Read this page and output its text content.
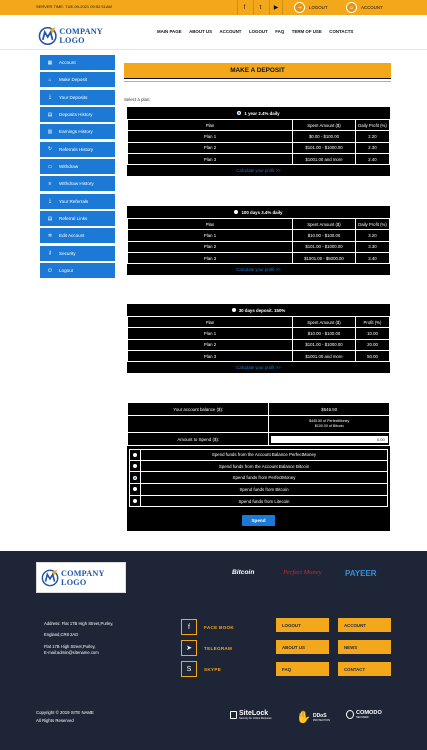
SERVER TIME: TUE-09-2021 09:52:51AM	f t ▶	⇥	LOGOUT	☺	ACCOUNT
COMPANY LOGO
MAIN PAGE ABOUT US ACCOUNT LOGOUT FAQ TERM OF USE CONTACTS
▦	Account
⌂	Make Deposit
⤓	Your Deposits
▤	Deposits History
▥	Earnings History
↻	Referrals History
▭	Withdraw
≡	Withdraw History
⤓	Your Referrals
▤	Referral Links
✲	Edit Account
⚷	Security
⏻	Logout
MAKE A DEPOSIT
Select a plan:
1 year 2.4% daily
Plan	Spent Amount ($)	Daily Profit (%)
Plan 1	$0.00 - $100.00	2.20
Plan 2	$101.00 - $1000.00	2.30
Plan 3	$1001.00 and more	2.40
Calculate your profit >>
100 days 3.4% daily
Plan	Spent Amount ($)	Daily Profit (%)
Plan 1	$10.00 - $100.00	3.20
Plan 2	$101.00 - $1000.00	3.30
Plan 3	$1001.00 - $5000.00	3.40
Calculate your profit >>
30 days deposit. 150%
Plan	Spent Amount ($)	Profit (%)
Plan 1	$10.00 - $100.00	10.00
Plan 2	$101.00 - $1000.00	20.00
Plan 3	$1001.00 and more	50.00
Calculate your profit >>
Your account balance ($):	$546.50

	$445.50 of PerfectMoney
$100.00 of Bitcoin

Amount to Spend ($):	0.00
Spend funds from the Account Balance PerfectMoney
Spend funds from the Account Balance Bitcoin
Spend funds from PerfectMoney
Spend funds from Bitcoin
Spend funds from Litecoin
Spend
COMPANY LOGO
Bitcoin	Perfect Money	PAYEER
Address: Flat 17B High Street,Purley,
England,CR8 2AD
Flat 17B High Street,Purley,
E-mail:admin@sitename.com
f	FACE BOOK
➤	TELEGRAM
S	SKYPE
LOGOUT	ACCOUNT
ABOUT US	NEWS
FAQ	CONTACT
Copyright © 2019 SITE NAME
All Rights Reserved
SiteLock
Security for Online Business ✋ DDoS
PROTECTION
COMODO
SECURED
